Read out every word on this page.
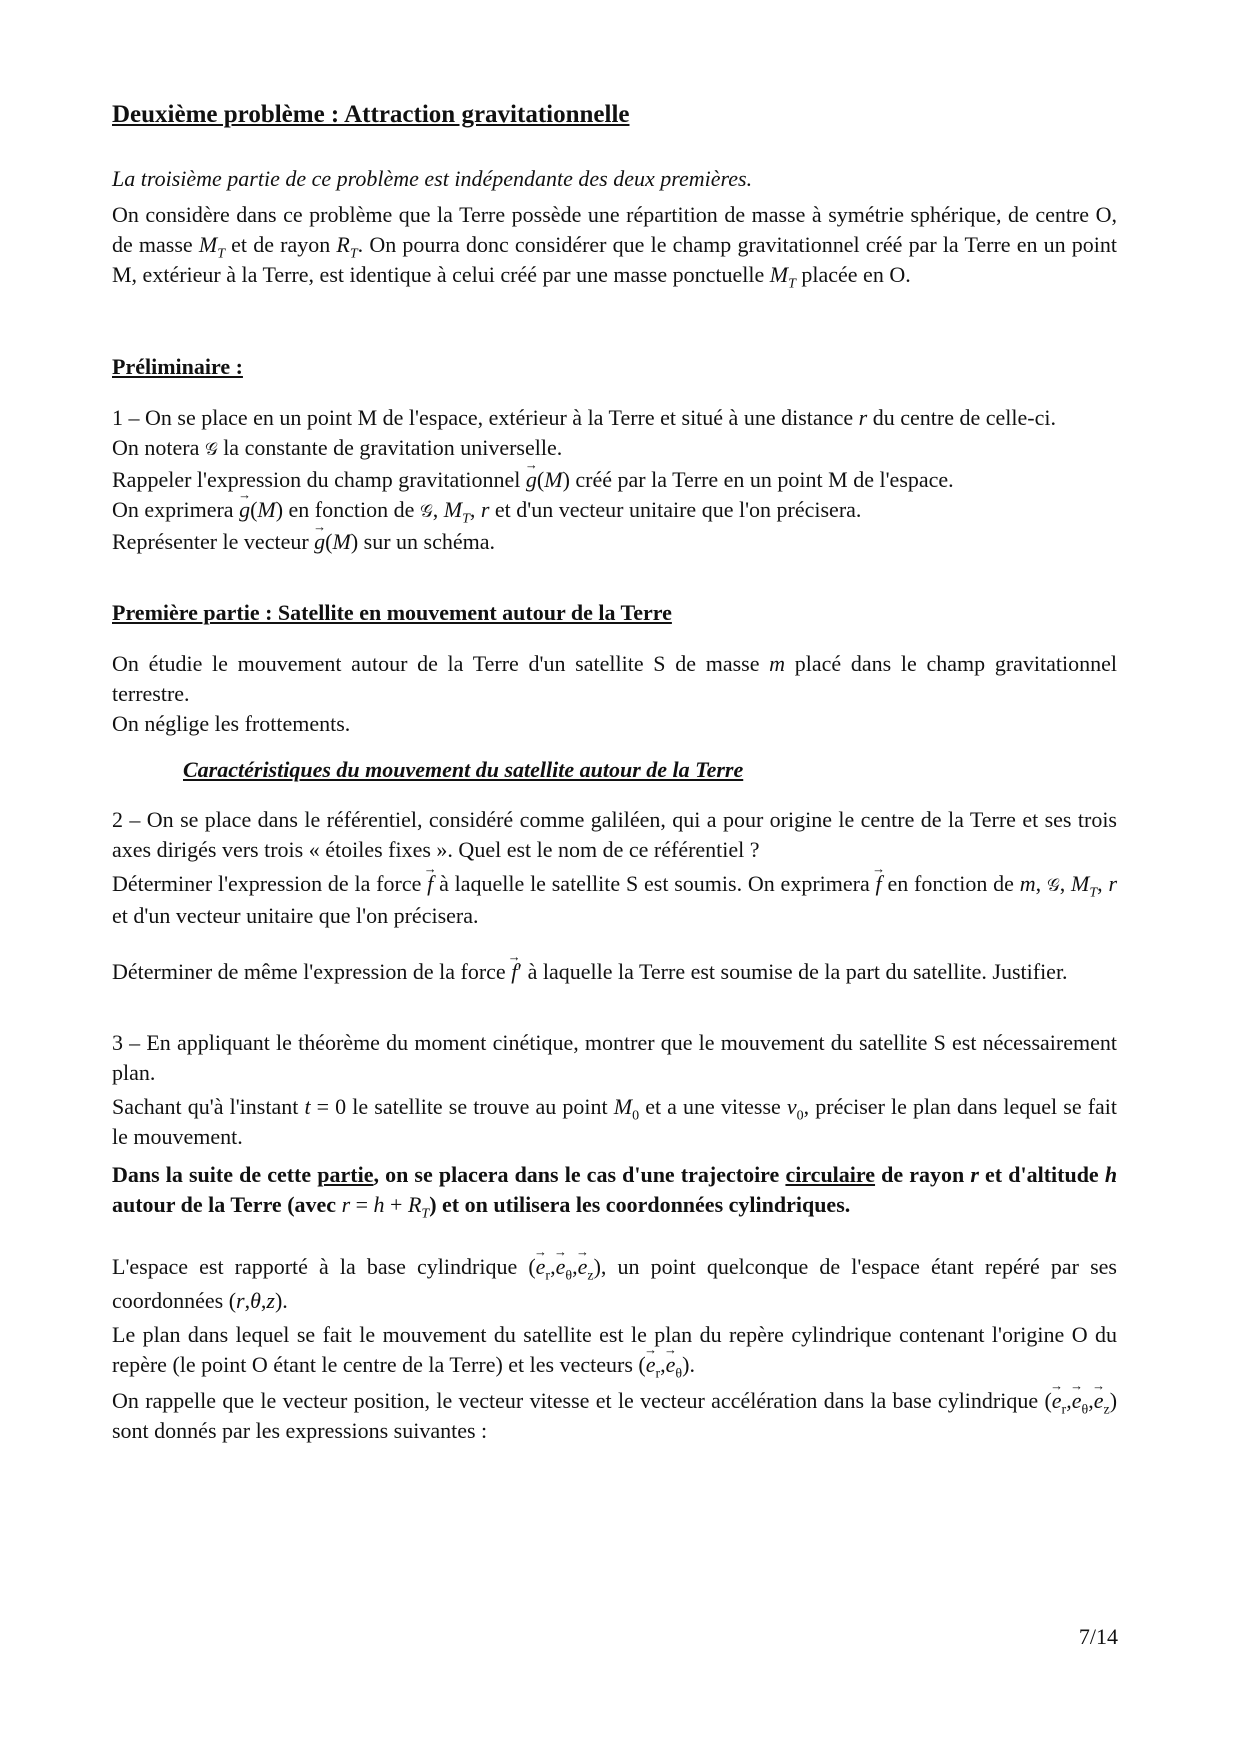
Deuxième problème : Attraction gravitationnelle

La troisième partie de ce problème est indépendante des deux premières.

On considère dans ce problème que la Terre possède une répartition de masse à symétrie sphérique, de centre O, de masse $M_T$ et de rayon $R_T$. On pourra donc considérer que le champ gravitationnel créé par la Terre en un point M, extérieur à la Terre, est identique à celui créé par une masse ponctuelle $M_T$ placée en O.

Préliminaire :

1 – On se place en un point M de l'espace, extérieur à la Terre et situé à une distance r du centre de celle-ci.

On notera 𝒢 la constante de gravitation universelle.

Rappeler l'expression du champ gravitationnel → g(M) créé par la Terre en un point M de l'espace.

On exprimera → g(M) en fonction de 𝒢, $M_T$, r et d'un vecteur unitaire que l'on précisera.

Représenter le vecteur → g(M) sur un schéma.

Première partie : Satellite en mouvement autour de la Terre

On étudie le mouvement autour de la Terre d'un satellite S de masse m placé dans le champ gravitationnel terrestre.

On néglige les frottements.

Caractéristiques du mouvement du satellite autour de la Terre

2 – On se place dans le référentiel, considéré comme galiléen, qui a pour origine le centre de la Terre et ses trois axes dirigés vers trois « étoiles fixes ». Quel est le nom de ce référentiel ?

Déterminer l'expression de la force → f à laquelle le satellite S est soumis. On exprimera → f en fonction de m, 𝒢, $M_T$, r et d'un vecteur unitaire que l'on précisera.

Déterminer de même l'expression de la force → f′ à laquelle la Terre est soumise de la part du satellite. Justifier.

3 – En appliquant le théorème du moment cinétique, montrer que le mouvement du satellite S est nécessairement plan.

Sachant qu'à l'instant t = 0 le satellite se trouve au point $M_0$ et a une vitesse $v_0$, préciser le plan dans lequel se fait le mouvement.

Dans la suite de cette partie, on se placera dans le cas d'une trajectoire circulaire de rayon r et d'altitude h autour de la Terre (avec $r = h + R_T$) et on utilisera les coordonnées cylindriques.

L'espace est rapporté à la base cylindrique (→ $e_r,\to e_\theta,\to e_z$), un point quelconque de l'espace étant repéré par ses coordonnées (r,θ,z).

Le plan dans lequel se fait le mouvement du satellite est le plan du repère cylindrique contenant l'origine O du repère (le point O étant le centre de la Terre) et les vecteurs (→ $e_r,\to e_\theta$).

On rappelle que le vecteur position, le vecteur vitesse et le vecteur accélération dans la base cylindrique (→ $e_r,\to e_\theta,\to e_z$) sont donnés par les expressions suivantes :

7/14
